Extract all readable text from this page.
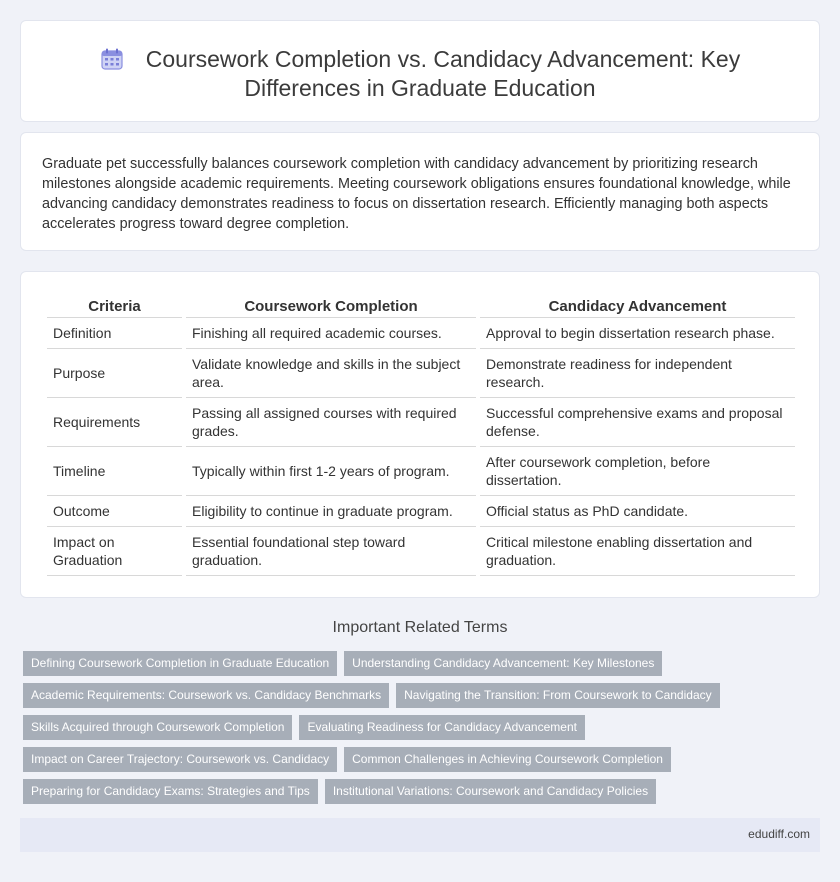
Coursework Completion vs. Candidacy Advancement: Key
Differences in Graduate Education

Graduate pet successfully balances coursework completion with candidacy advancement by prioritizing research milestones alongside academic requirements. Meeting coursework obligations ensures foundational knowledge, while advancing candidacy demonstrates readiness to focus on dissertation research. Efficiently managing both aspects accelerates progress toward degree completion.

Criteria	Coursework Completion	Candidacy Advancement
Definition	Finishing all required academic courses.	Approval to begin dissertation research phase.
Purpose	Validate knowledge and skills in the subject area.	Demonstrate readiness for independent research.
Requirements	Passing all assigned courses with required grades.	Successful comprehensive exams and proposal defense.
Timeline	Typically within first 1-2 years of program.	After coursework completion, before dissertation.
Outcome	Eligibility to continue in graduate program.	Official status as PhD candidate.
Impact on Graduation	Essential foundational step toward graduation.	Critical milestone enabling dissertation and graduation.
Important Related Terms
Defining Coursework Completion in Graduate Education Understanding Candidacy Advancement: Key Milestones
Academic Requirements: Coursework vs. Candidacy Benchmarks Navigating the Transition: From Coursework to Candidacy
Skills Acquired through Coursework Completion Evaluating Readiness for Candidacy Advancement
Impact on Career Trajectory: Coursework vs. Candidacy Common Challenges in Achieving Coursework Completion
Preparing for Candidacy Exams: Strategies and Tips Institutional Variations: Coursework and Candidacy Policies
edudiff.com
